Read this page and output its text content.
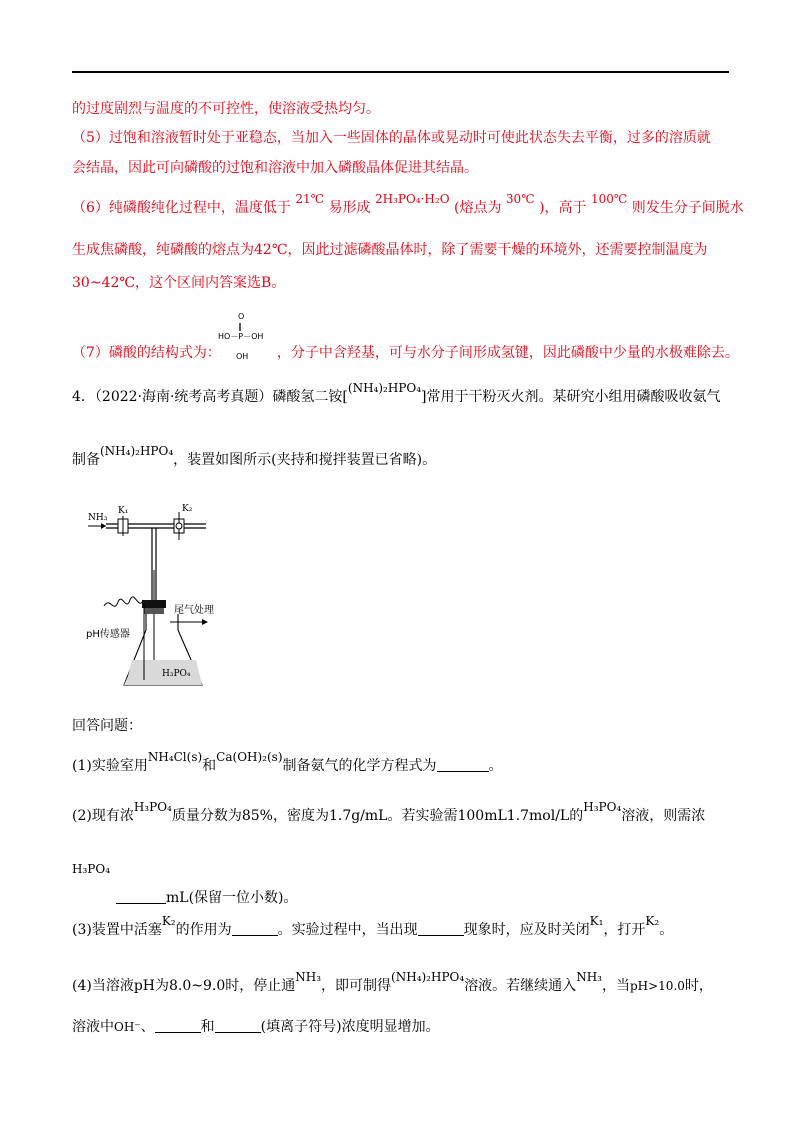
的过度剧烈与温度的不可控性，使溶液受热均匀。
（5）过饱和溶液暂时处于亚稳态，当加入一些固体的晶体或晃动时可使此状态失去平衡，过多的溶质就
会结晶，因此可向磷酸的过饱和溶液中加入磷酸晶体促进其结晶。
（6）纯磷酸纯化过程中，温度低于 21℃ 易形成 2H₃PO₄·H₂O (熔点为 30℃ )，高于 100℃ 则发生分子间脱水
生成焦磷酸，纯磷酸的熔点为42℃，因此过滤磷酸晶体时，除了需要干燥的环境外，还需要控制温度为
30~42℃，这个区间内答案选B。
O
‖
HO－P－OH
OH
（7）磷酸的结构式为：	，分子中含羟基，可与水分子间形成氢键，因此磷酸中少量的水极难除去。
4．（2022·海南·统考高考真题）磷酸氢二铵[(NH₄)₂HPO₄]常用于干粉灭火剂。某研究小组用磷酸吸收氨气
制备(NH₄)₂HPO₄，装置如图所示(夹持和搅拌装置已省略)。
NH₃
K₁	K₂
尾气处理
pH传感器
H₃PO₄
回答问题：
(1)实验室用NH₄Cl(s)和Ca(OH)₂(s)制备氨气的化学方程式为	。
(2)现有浓H₃PO₄质量分数为85%，密度为1.7g/mL。若实验需100mL1.7mol/L的H₃PO₄溶液，则需浓
H₃PO₄
mL(保留一位小数)。
(3)装置中活塞K₂的作用为	。实验过程中，当出现	现象时，应及时关闭K₁，打开K₂。
(4)当溶液pH为8.0~9.0时，停止通NH₃，即可制得(NH₄)₂HPO₄溶液。若继续通入NH₃，当pH>10.0时，
溶液中OH⁻、	和	(填离子符号)浓度明显增加。
